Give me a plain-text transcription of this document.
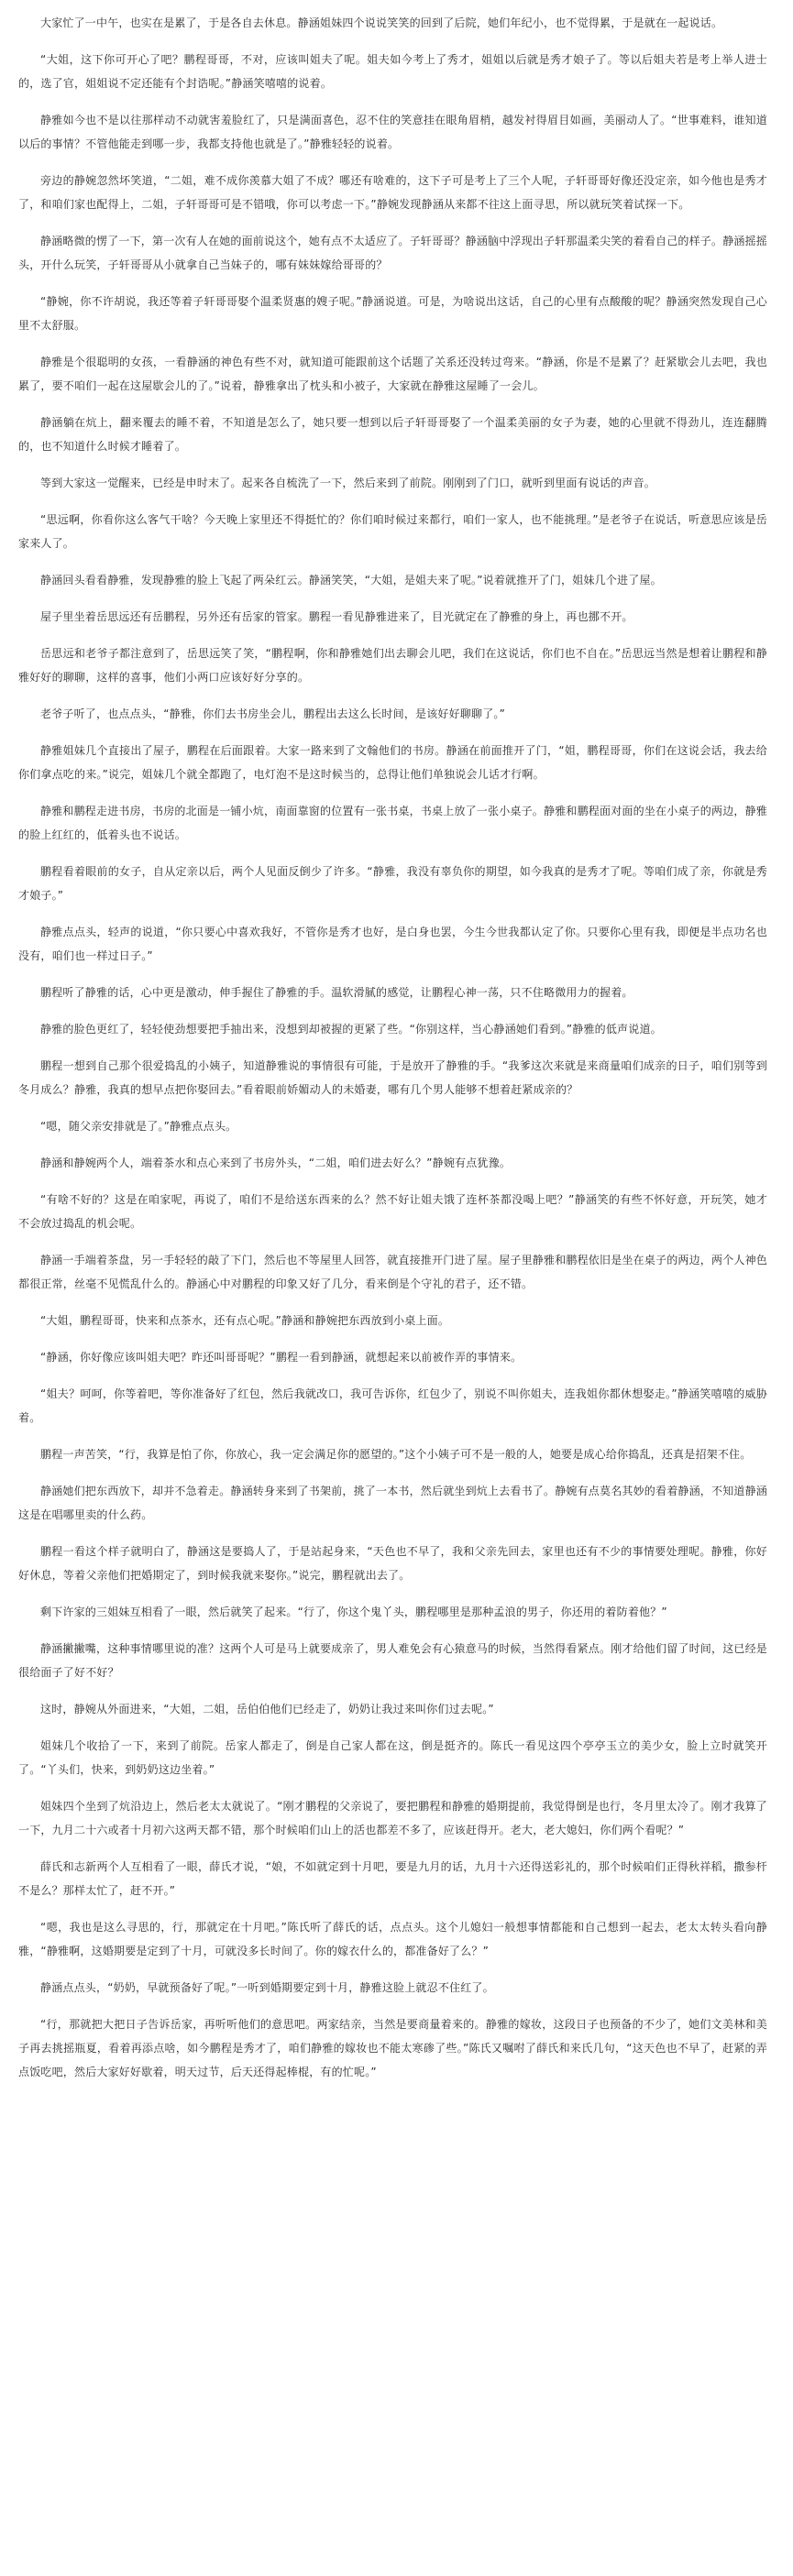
大家忙了一中午，也实在是累了，于是各自去休息。静涵姐妹四个说说笑笑的回到了后院，她们年纪小，也不觉得累，于是就在一起说话。

“大姐，这下你可开心了吧？鹏程哥哥，不对，应该叫姐夫了呢。姐夫如今考上了秀才，姐姐以后就是秀才娘子了。等以后姐夫若是考上举人进士的，选了官，姐姐说不定还能有个封诰呢。”静涵笑嘻嘻的说着。

静雅如今也不是以往那样动不动就害羞脸红了，只是满面喜色，忍不住的笑意挂在眼角眉梢，越发衬得眉目如画，美丽动人了。“世事难料，谁知道以后的事情？不管他能走到哪一步，我都支持他也就是了。”静雅轻轻的说着。

旁边的静婉忽然坏笑道，“二姐，难不成你羡慕大姐了不成？哪还有啥难的，这下子可是考上了三个人呢，子轩哥哥好像还没定亲，如今他也是秀才了，和咱们家也配得上，二姐，子轩哥哥可是不错哦，你可以考虑一下。”静婉发现静涵从来都不往这上面寻思，所以就玩笑着试探一下。

静涵略微的愣了一下，第一次有人在她的面前说这个，她有点不太适应了。子轩哥哥？静涵脑中浮现出子轩那温柔尖笑的着看自己的样子。静涵摇摇头，开什么玩笑，子轩哥哥从小就拿自己当妹子的，哪有妹妹嫁给哥哥的？

“静婉，你不许胡说，我还等着子轩哥哥娶个温柔贤惠的嫂子呢。”静涵说道。可是，为啥说出这话，自己的心里有点酸酸的呢？静涵突然发现自己心里不太舒服。

静雅是个很聪明的女孩，一看静涵的神色有些不对，就知道可能跟前这个话题了关系还没转过弯来。“静涵，你是不是累了？赶紧歇会儿去吧，我也累了，要不咱们一起在这屋歇会儿的了。”说着，静雅拿出了枕头和小被子，大家就在静雅这屋睡了一会儿。

静涵躺在炕上，翻来覆去的睡不着，不知道是怎么了，她只要一想到以后子轩哥哥娶了一个温柔美丽的女子为妻，她的心里就不得劲儿，连连翻腾的，也不知道什么时候才睡着了。

等到大家这一觉醒来，已经是申时末了。起来各自梳洗了一下，然后来到了前院。刚刚到了门口，就听到里面有说话的声音。

“思远啊，你看你这么客气干啥？今天晚上家里还不得挺忙的？你们咱时候过来都行，咱们一家人，也不能挑理。”是老爷子在说话，听意思应该是岳家来人了。

静涵回头看看静雅，发现静雅的脸上飞起了两朵红云。静涵笑笑，“大姐，是姐夫来了呢。”说着就推开了门，姐妹几个进了屋。

屋子里坐着岳思远还有岳鹏程，另外还有岳家的管家。鹏程一看见静雅进来了，目光就定在了静雅的身上，再也挪不开。

岳思远和老爷子都注意到了，岳思远笑了笑，“鹏程啊，你和静雅她们出去聊会儿吧，我们在这说话，你们也不自在。”岳思远当然是想着让鹏程和静雅好好的聊聊，这样的喜事，他们小两口应该好好分享的。

老爷子听了，也点点头，“静雅，你们去书房坐会儿，鹏程出去这么长时间，是该好好聊聊了。”

静雅姐妹几个直接出了屋子，鹏程在后面跟着。大家一路来到了文翰他们的书房。静涵在前面推开了门，“姐，鹏程哥哥，你们在这说会话，我去给你们拿点吃的来。”说完，姐妹几个就全都跑了，电灯泡不是这时候当的，总得让他们单独说会儿话才行啊。

静雅和鹏程走进书房，书房的北面是一铺小炕，南面靠窗的位置有一张书桌，书桌上放了一张小桌子。静雅和鹏程面对面的坐在小桌子的两边，静雅的脸上红红的，低着头也不说话。

鹏程看着眼前的女子，自从定亲以后，两个人见面反倒少了许多。“静雅，我没有辜负你的期望，如今我真的是秀才了呢。等咱们成了亲，你就是秀才娘子。”

静雅点点头，轻声的说道，“你只要心中喜欢我好，不管你是秀才也好，是白身也罢，今生今世我都认定了你。只要你心里有我，即便是半点功名也没有，咱们也一样过日子。”

鹏程听了静雅的话，心中更是激动，伸手握住了静雅的手。温软滑腻的感觉，让鹏程心神一荡，只不住略微用力的握着。

静雅的脸色更红了，轻轻使劲想要把手抽出来，没想到却被握的更紧了些。“你别这样，当心静涵她们看到。”静雅的低声说道。

鹏程一想到自己那个很爱捣乱的小姨子，知道静雅说的事情很有可能，于是放开了静雅的手。“我爹这次来就是来商量咱们成亲的日子，咱们别等到冬月成么？静雅，我真的想早点把你娶回去。”看着眼前娇媚动人的未婚妻，哪有几个男人能够不想着赶紧成亲的？

“嗯，随父亲安排就是了。”静雅点点头。

静涵和静婉两个人，端着茶水和点心来到了书房外头，“二姐，咱们进去好么？”静婉有点犹豫。

“有啥不好的？这是在咱家呢，再说了，咱们不是给送东西来的么？然不好让姐夫饿了连杯茶都没喝上吧？”静涵笑的有些不怀好意，开玩笑，她才不会放过捣乱的机会呢。

静涵一手端着茶盘，另一手轻轻的敲了下门，然后也不等屋里人回答，就直接推开门进了屋。屋子里静雅和鹏程依旧是坐在桌子的两边，两个人神色都很正常，丝毫不见慌乱什么的。静涵心中对鹏程的印象又好了几分，看来倒是个守礼的君子，还不错。

“大姐，鹏程哥哥，快来和点茶水，还有点心呢。”静涵和静婉把东西放到小桌上面。

“静涵，你好像应该叫姐夫吧？昨还叫哥哥呢？”鹏程一看到静涵，就想起来以前被作弄的事情来。

“姐夫？呵呵，你等着吧，等你准备好了红包，然后我就改口，我可告诉你，红包少了，别说不叫你姐夫，连我姐你都休想娶走。”静涵笑嘻嘻的威胁着。

鹏程一声苦笑，“行，我算是怕了你，你放心，我一定会满足你的愿望的。”这个小姨子可不是一般的人，她要是成心给你捣乱，还真是招架不住。

静涵她们把东西放下，却并不急着走。静涵转身来到了书架前，挑了一本书，然后就坐到炕上去看书了。静婉有点莫名其妙的看着静涵，不知道静涵这是在唱哪里卖的什么药。

鹏程一看这个样子就明白了，静涵这是要捣人了，于是站起身来，“天色也不早了，我和父亲先回去，家里也还有不少的事情要处理呢。静雅，你好好休息，等着父亲他们把婚期定了，到时候我就来娶你。”说完，鹏程就出去了。

剩下许家的三姐妹互相看了一眼，然后就笑了起来。“行了，你这个鬼丫头，鹏程哪里是那种孟浪的男子，你还用的着防着他？”

静涵撇撇嘴，这种事情哪里说的准？这两个人可是马上就要成亲了，男人难免会有心猿意马的时候，当然得看紧点。刚才给他们留了时间，这已经是很给面子了好不好？

这时，静婉从外面进来，“大姐，二姐，岳伯伯他们已经走了，奶奶让我过来叫你们过去呢。”

姐妹几个收拾了一下，来到了前院。岳家人都走了，倒是自己家人都在这，倒是挺齐的。陈氏一看见这四个亭亭玉立的美少女，脸上立时就笑开了。“丫头们，快来，到奶奶这边坐着。”

姐妹四个坐到了炕沿边上，然后老太太就说了。“刚才鹏程的父亲说了，要把鹏程和静雅的婚期提前，我觉得倒是也行，冬月里太冷了。刚才我算了一下，九月二十六或者十月初六这两天都不错，那个时候咱们山上的活也都差不多了，应该赶得开。老大，老大媳妇，你们两个看呢？”

薛氏和志新两个人互相看了一眼，薛氏才说，“娘，不如就定到十月吧，要是九月的话，九月十六还得送彩礼的，那个时候咱们正得秋祥稻，撒参杆不是么？那样太忙了，赶不开。”

“嗯，我也是这么寻思的，行，那就定在十月吧。”陈氏听了薛氏的话，点点头。这个儿媳妇一般想事情都能和自己想到一起去，老太太转头看向静雅，“静雅啊，这婚期要是定到了十月，可就没多长时间了。你的嫁衣什么的，都准备好了么？”

静涵点点头，“奶奶，早就预备好了呢。”一听到婚期要定到十月，静雅这脸上就忍不住红了。

“行，那就把大把日子告诉岳家，再听听他们的意思吧。两家结亲，当然是要商量着来的。静雅的嫁妆，这段日子也预备的不少了，她们文美林和美子再去挑摇瓶夏，看着再添点啥，如今鹏程是秀才了，咱们静雅的嫁妆也不能太寒碜了些。”陈氏又嘱咐了薛氏和来氏几句，“这天色也不早了，赶紧的弄点饭吃吧，然后大家好好歇着，明天过节，后天还得起棒棍，有的忙呢。”
